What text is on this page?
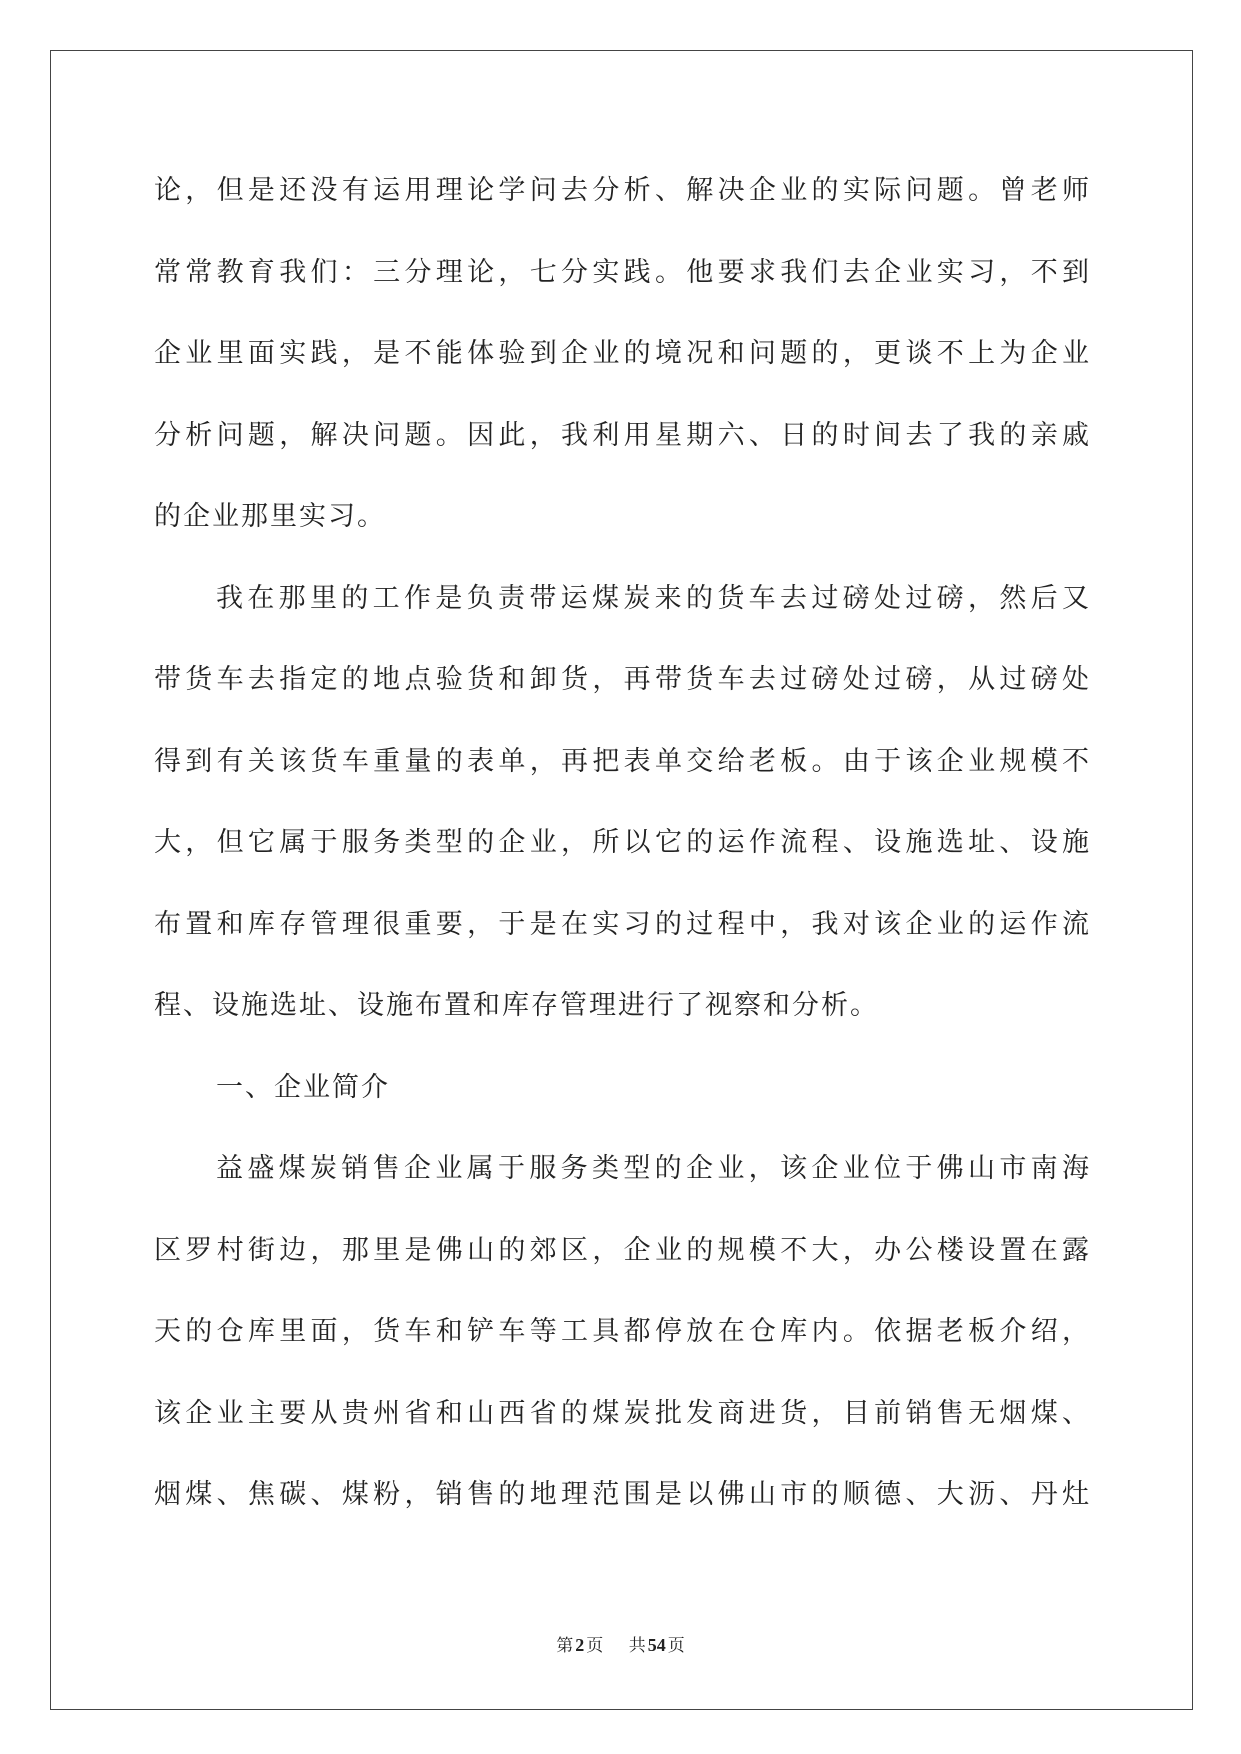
论，但是还没有运用理论学问去分析、解决企业的实际问题。曾老师
常常教育我们：三分理论，七分实践。他要求我们去企业实习，不到
企业里面实践，是不能体验到企业的境况和问题的，更谈不上为企业
分析问题，解决问题。因此，我利用星期六、日的时间去了我的亲戚
的企业那里实习。
我在那里的工作是负责带运煤炭来的货车去过磅处过磅，然后又
带货车去指定的地点验货和卸货，再带货车去过磅处过磅，从过磅处
得到有关该货车重量的表单，再把表单交给老板。由于该企业规模不
大，但它属于服务类型的企业，所以它的运作流程、设施选址、设施
布置和库存管理很重要，于是在实习的过程中，我对该企业的运作流
程、设施选址、设施布置和库存管理进行了视察和分析。
一、企业简介
益盛煤炭销售企业属于服务类型的企业，该企业位于佛山市南海
区罗村街边，那里是佛山的郊区，企业的规模不大，办公楼设置在露
天的仓库里面，货车和铲车等工具都停放在仓库内。依据老板介绍，
该企业主要从贵州省和山西省的煤炭批发商进货，目前销售无烟煤、
烟煤、焦碳、煤粉，销售的地理范围是以佛山市的顺德、大沥、丹灶
第 2 页 共 54 页
